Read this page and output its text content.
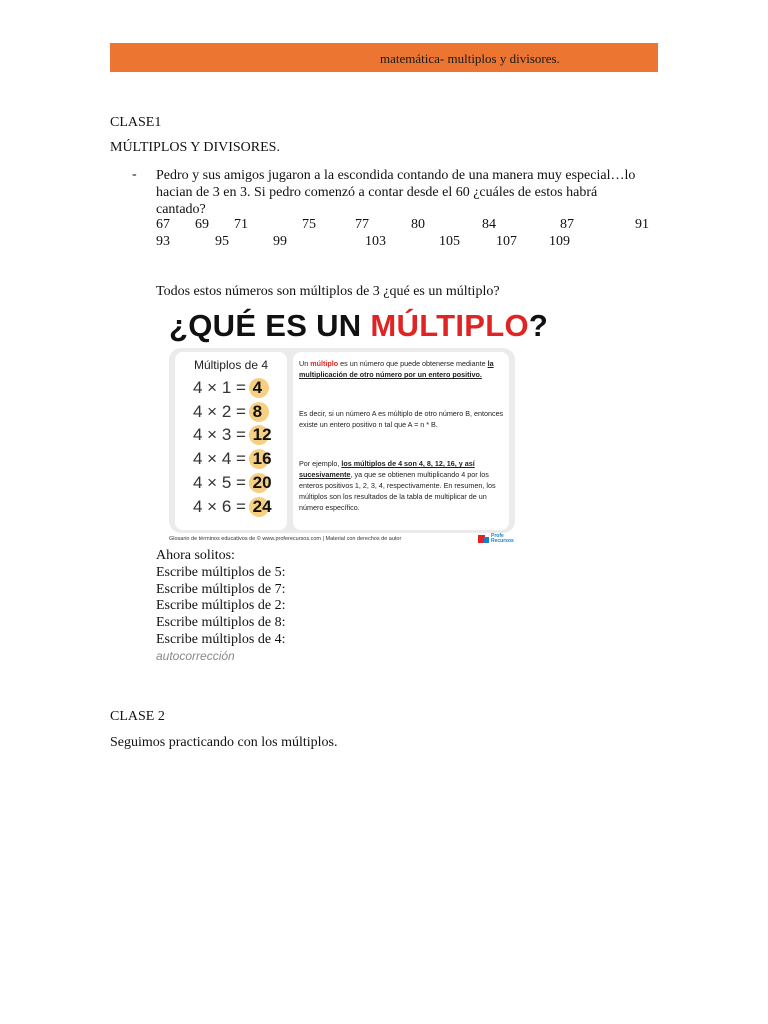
matemática- multiplos y divisores.
CLASE1
MÚLTIPLOS Y DIVISORES.
- Pedro y sus amigos jugaron a la escondida contando de una manera muy especial…lo hacian de 3 en 3. Si pedro comenzó a contar desde el 60 ¿cuáles de estos habrá cantado?
67 69 71	75	77	80	84	87	91
93	95	99	103	105	107 109
Todos estos números son múltiplos de 3 ¿qué es un múltiplo?
¿QUÉ ES UN MÚLTIPLO?
Múltiplos de 4
4 × 1 = 4
4 × 2 = 8
4 × 3 = 12
4 × 4 = 16
4 × 5 = 20
4 × 6 = 24
Un múltiplo es un número que puede obtenerse mediante la multiplicación de otro número por un entero positivo.
Es decir, si un número A es múltiplo de otro número B, entonces existe un entero positivo n tal que A = n * B.
Por ejemplo, los múltiplos de 4 son 4, 8, 12, 16, y así sucesivamente, ya que se obtienen multiplicando 4 por los enteros positivos 1, 2, 3, 4, respectivamente. En resumen, los múltiplos son los resultados de la tabla de multiplicar de un número específico.
Glosario de términos educativos de © www.proferecursos.com | Material con derechos de autor	Profe Recursos
Ahora solitos:
Escribe múltiplos de 5:
Escribe múltiplos de 7:
Escribe múltiplos de 2:
Escribe múltiplos de 8:
Escribe múltiplos de 4:
autocorrección
CLASE 2
Seguimos practicando con los múltiplos.
